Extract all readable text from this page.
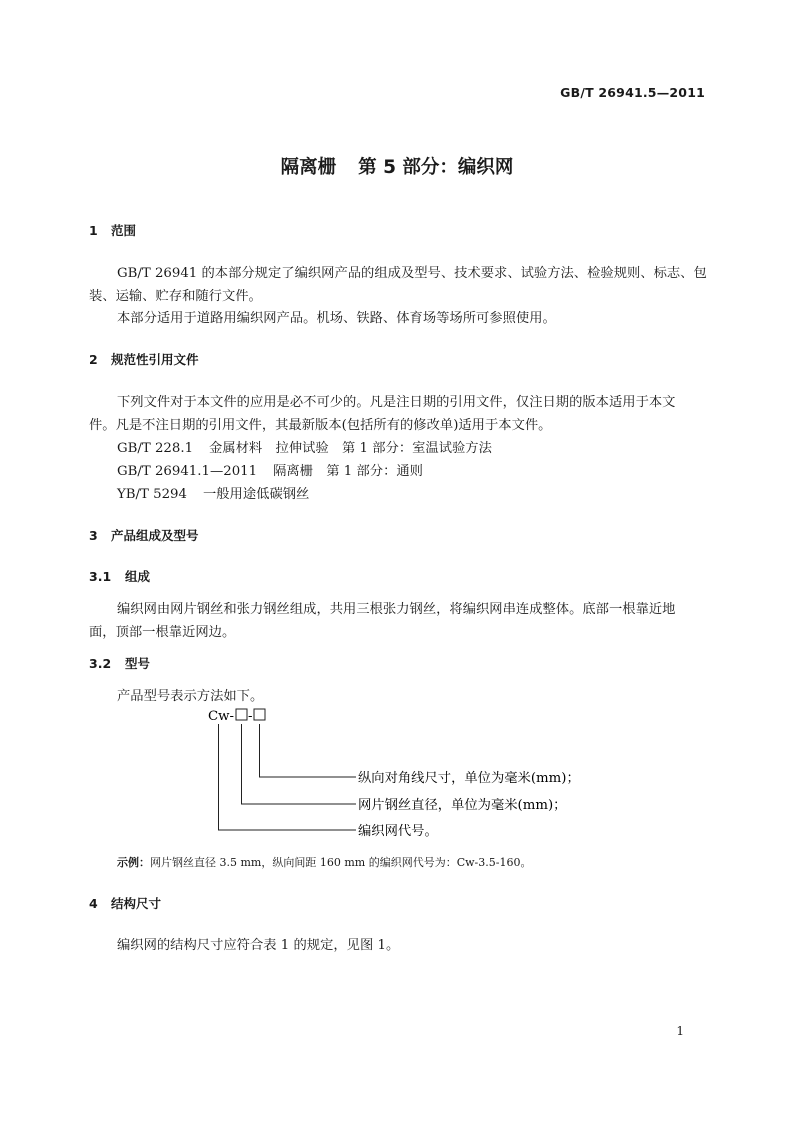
GB/T 26941.5—2011
隔离栅 第 5 部分：编织网
1 范围
GB/T 26941 的本部分规定了编织网产品的组成及型号、技术要求、试验方法、检验规则、标志、包
装、运输、贮存和随行文件。
本部分适用于道路用编织网产品。机场、铁路、体育场等场所可参照使用。
2 规范性引用文件
下列文件对于本文件的应用是必不可少的。凡是注日期的引用文件，仅注日期的版本适用于本文
件。凡是不注日期的引用文件，其最新版本(包括所有的修改单)适用于本文件。
GB/T 228.1 金属材料　拉伸试验　第 1 部分：室温试验方法
GB/T 26941.1—2011 隔离栅　第 1 部分：通则
YB/T 5294 一般用途低碳钢丝
3 产品组成及型号
3.1 组成
编织网由网片钢丝和张力钢丝组成，共用三根张力钢丝，将编织网串连成整体。底部一根靠近地
面，顶部一根靠近网边。
3.2 型号
产品型号表示方法如下。
Cw- -
纵向对角线尺寸，单位为毫米(mm)；
网片钢丝直径，单位为毫米(mm)；
编织网代号。
示例：网片钢丝直径 3.5 mm，纵向间距 160 mm 的编织网代号为：Cw-3.5-160。
4 结构尺寸
编织网的结构尺寸应符合表 1 的规定，见图 1。
1
